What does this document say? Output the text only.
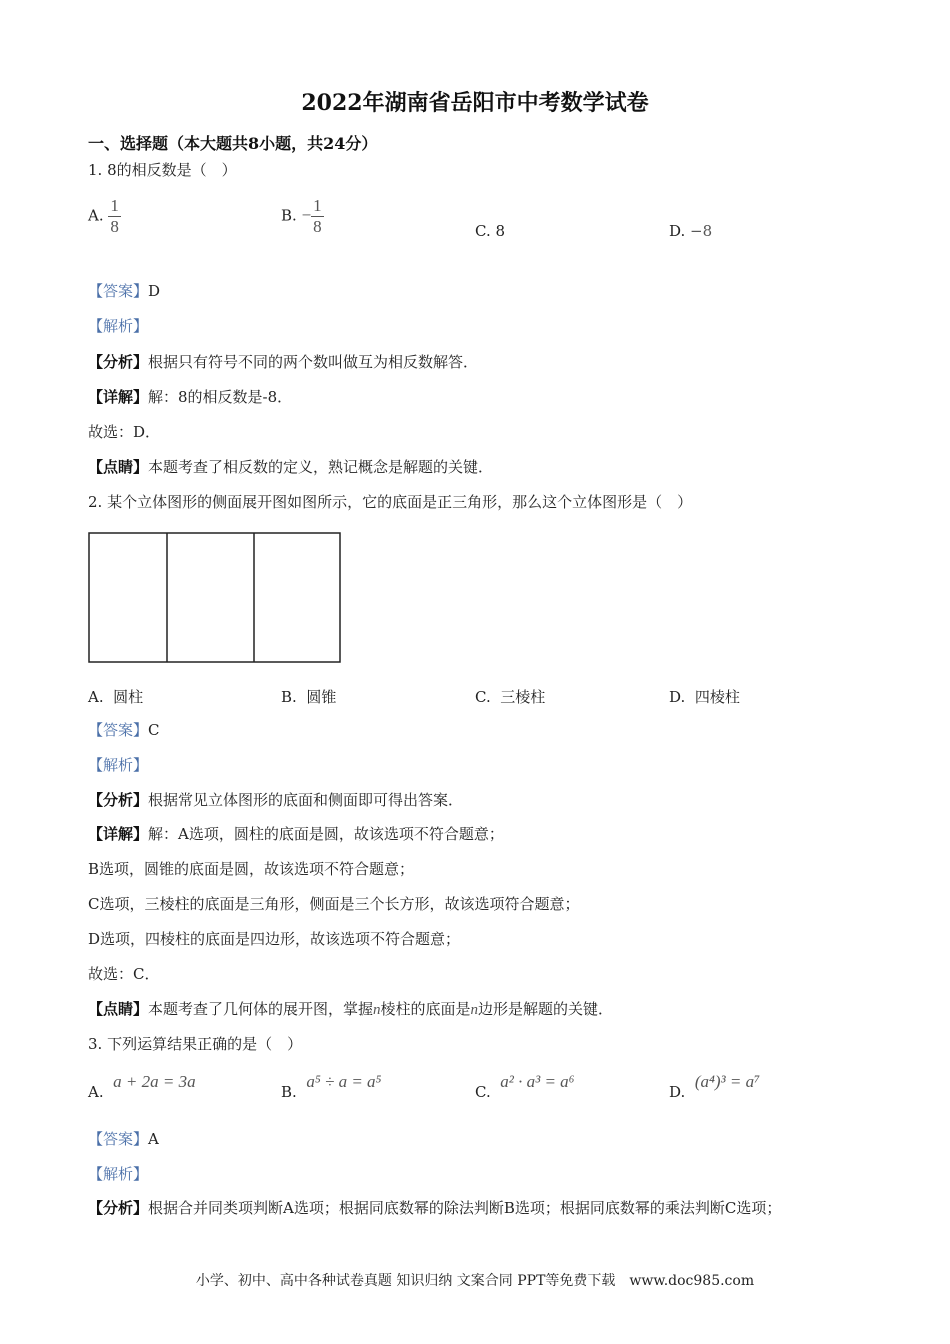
2022年湖南省岳阳市中考数学试卷
一、选择题（本大题共8小题，共24分）
1. 8的相反数是（　）
A. $\frac{1}{8}$	B. − $\frac{1}{8}$	C. 8	D. −8
【答案】D
【解析】
【分析】根据只有符号不同的两个数叫做互为相反数解答．
【详解】解：8的相反数是-8．
故选：D．
【点睛】本题考查了相反数的定义，熟记概念是解题的关键．
2. 某个立体图形的侧面展开图如图所示，它的底面是正三角形，那么这个立体图形是（　）
A. 圆柱	B. 圆锥	C. 三棱柱	D. 四棱柱
【答案】C
【解析】
【分析】根据常见立体图形的底面和侧面即可得出答案．
【详解】解：A选项，圆柱的底面是圆，故该选项不符合题意；
B选项，圆锥的底面是圆，故该选项不符合题意；
C选项，三棱柱的底面是三角形，侧面是三个长方形，故该选项符合题意；
D选项，四棱柱的底面是四边形，故该选项不符合题意；
故选：C．
【点睛】本题考查了几何体的展开图，掌握n棱柱的底面是n边形是解题的关键．
3. 下列运算结果正确的是（　）
A.  a + 2a = 3a
B.  a⁵ ÷ a = a⁵
C.  a² · a³ = a⁶
D.  (a⁴)³ = a⁷
【答案】A
【解析】
【分析】根据合并同类项判断A选项；根据同底数幂的除法判断B选项；根据同底数幂的乘法判断C选项；
小学、初中、高中各种试卷真题 知识归纳 文案合同 PPT等免费下载　www.doc985.com
